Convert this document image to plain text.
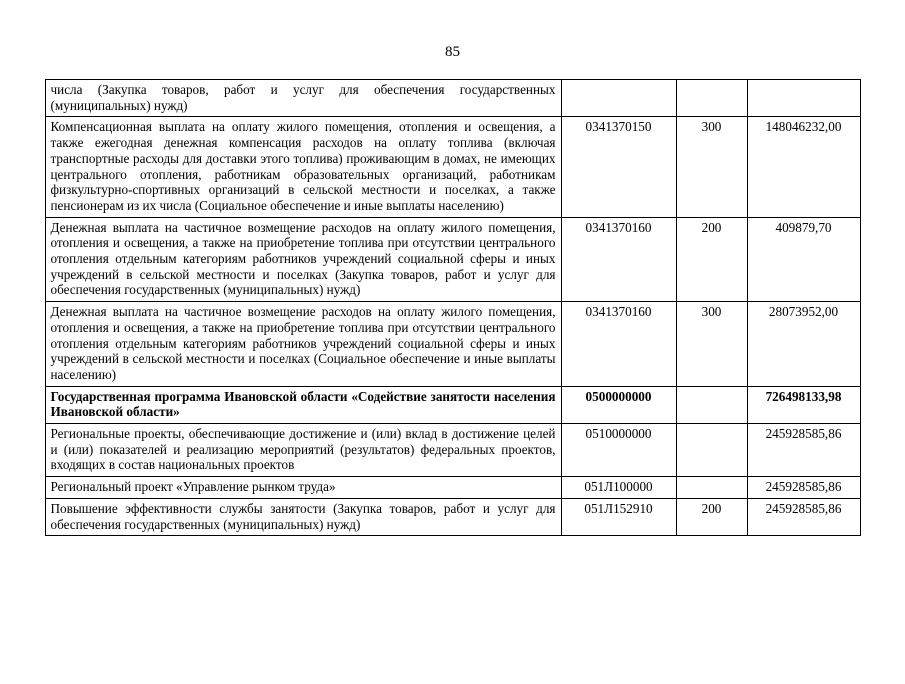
85
числа (Закупка товаров, работ и услуг для обеспечения государственных (муниципальных) нужд)			
Компенсационная выплата на оплату жилого помещения, отопления и освещения, а также ежегодная денежная компенсация расходов на оплату топлива (включая транспортные расходы для доставки этого топлива) проживающим в домах, не имеющих центрального отопления, работникам образовательных организаций, работникам физкультурно-спортивных организаций в сельской местности и поселках, а также пенсионерам из их числа (Социальное обеспечение и иные выплаты населению)	0341370150	300	148046232,00
Денежная выплата на частичное возмещение расходов на оплату жилого помещения, отопления и освещения, а также на приобретение топлива при отсутствии центрального отопления отдельным категориям работников учреждений социальной сферы и иных учреждений в сельской местности и поселках (Закупка товаров, работ и услуг для обеспечения государственных (муниципальных) нужд)	0341370160	200	409879,70
Денежная выплата на частичное возмещение расходов на оплату жилого помещения, отопления и освещения, а также на приобретение топлива при отсутствии центрального отопления отдельным категориям работников учреждений социальной сферы и иных учреждений в сельской местности и поселках (Социальное обеспечение и иные выплаты населению)	0341370160	300	28073952,00
Государственная программа Ивановской области «Содействие занятости населения Ивановской области»	0500000000		726498133,98
Региональные проекты, обеспечивающие достижение и (или) вклад в достижение целей и (или) показателей и реализацию мероприятий (результатов) федеральных проектов, входящих в состав национальных проектов	0510000000		245928585,86
Региональный проект «Управление рынком труда»	051Л100000		245928585,86
Повышение эффективности службы занятости (Закупка товаров, работ и услуг для обеспечения государственных (муниципальных) нужд)	051Л152910	200	245928585,86
